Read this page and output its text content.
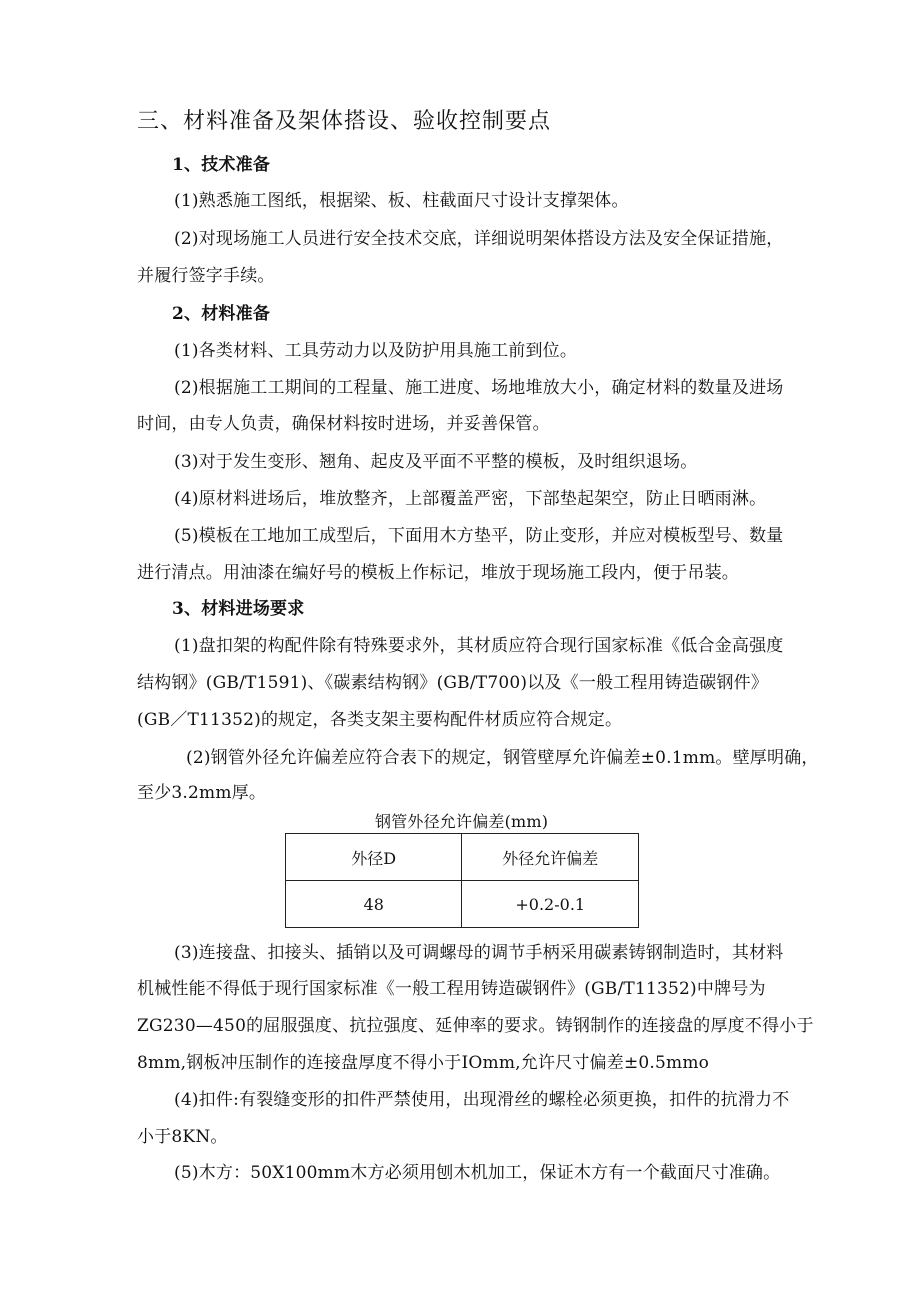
三、材料准备及架体搭设、验收控制要点
1、技术准备
(1)熟悉施工图纸，根据梁、板、柱截面尺寸设计支撑架体。
(2)对现场施工人员进行安全技术交底，详细说明架体搭设方法及安全保证措施，
并履行签字手续。
2、材料准备
(1)各类材料、工具劳动力以及防护用具施工前到位。
(2)根据施工工期间的工程量、施工进度、场地堆放大小，确定材料的数量及进场
时间，由专人负责，确保材料按时进场，并妥善保管。
(3)对于发生变形、翘角、起皮及平面不平整的模板，及时组织退场。
(4)原材料进场后，堆放整齐，上部覆盖严密，下部垫起架空，防止日晒雨淋。
(5)模板在工地加工成型后，下面用木方垫平，防止变形，并应对模板型号、数量
进行清点。用油漆在编好号的模板上作标记，堆放于现场施工段内，便于吊装。
3、材料进场要求
(1)盘扣架的构配件除有特殊要求外，其材质应符合现行国家标准《低合金高强度
结构钢》(GB/T1591)、《碳素结构钢》(GB/T700)以及《一般工程用铸造碳钢件》
(GB／T11352)的规定，各类支架主要构配件材质应符合规定。
(2)钢管外径允许偏差应符合表下的规定，钢管壁厚允许偏差±0.1mm。壁厚明确，
至少3.2mm厚。
钢管外径允许偏差(mm)
外径D	外径允许偏差
48	+0.2-0.1
(3)连接盘、扣接头、插销以及可调螺母的调节手柄采用碳素铸钢制造时，其材料
机械性能不得低于现行国家标准《一般工程用铸造碳钢件》(GB/T11352)中牌号为
ZG230—450的屈服强度、抗拉强度、延伸率的要求。铸钢制作的连接盘的厚度不得小于
8mm,钢板冲压制作的连接盘厚度不得小于IOmm,允许尺寸偏差±0.5mmo
(4)扣件:有裂缝变形的扣件严禁使用，出现滑丝的螺栓必须更换，扣件的抗滑力不
小于8KN。
(5)木方：50X100mm木方必须用刨木机加工，保证木方有一个截面尺寸准确。
